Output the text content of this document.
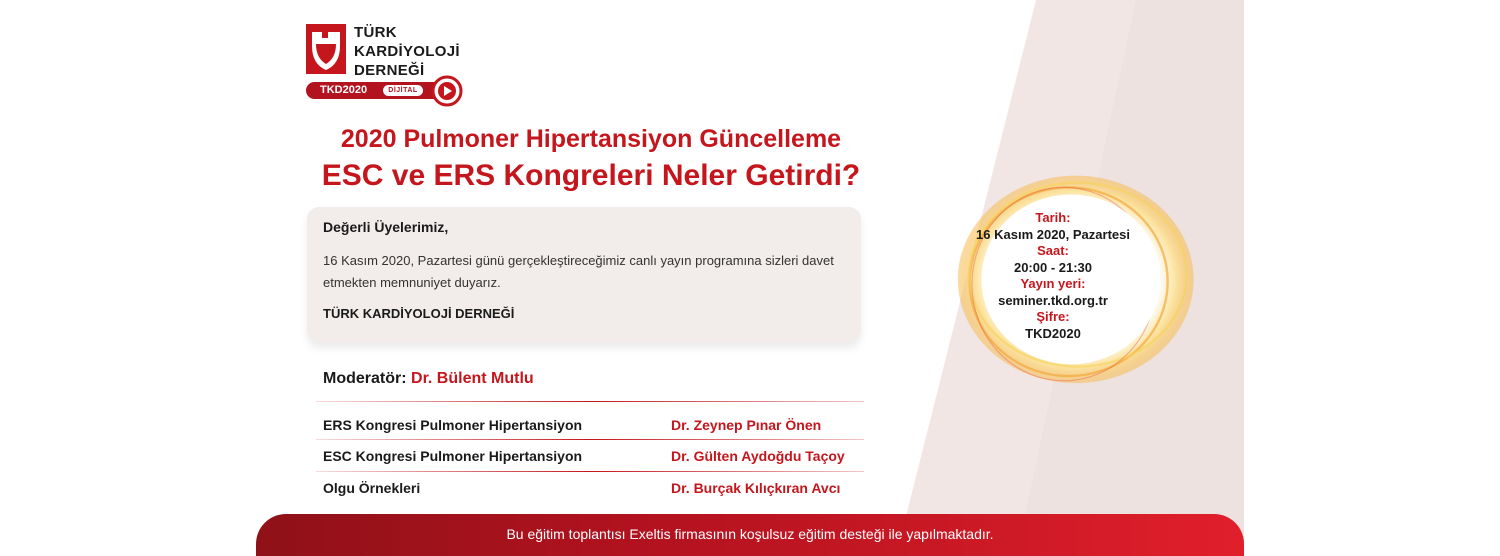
TÜRK
KARDİYOLOJİ
DERNEĞİ
TKD2020	DİJİTAL
2020 Pulmoner Hipertansiyon Güncelleme
ESC ve ERS Kongreleri Neler Getirdi?
Değerli Üyelerimiz,
16 Kasım 2020, Pazartesi günü gerçekleştireceğimiz canlı yayın programına sizleri davet etmekten memnuniyet duyarız.
TÜRK KARDİYOLOJİ DERNEĞİ
Moderatör: Dr. Bülent Mutlu
ERS Kongresi Pulmoner Hipertansiyon	Dr. Zeynep Pınar Önen
ESC Kongresi Pulmoner Hipertansiyon	Dr. Gülten Aydoğdu Taçoy
Olgu Örnekleri	Dr. Burçak Kılıçkıran Avcı
Tarih:
16 Kasım 2020, Pazartesi
Saat:
20:00 - 21:30
Yayın yeri:
seminer.tkd.org.tr
Şifre:
TKD2020
Bu eğitim toplantısı Exeltis firmasının koşulsuz eğitim desteği ile yapılmaktadır.
